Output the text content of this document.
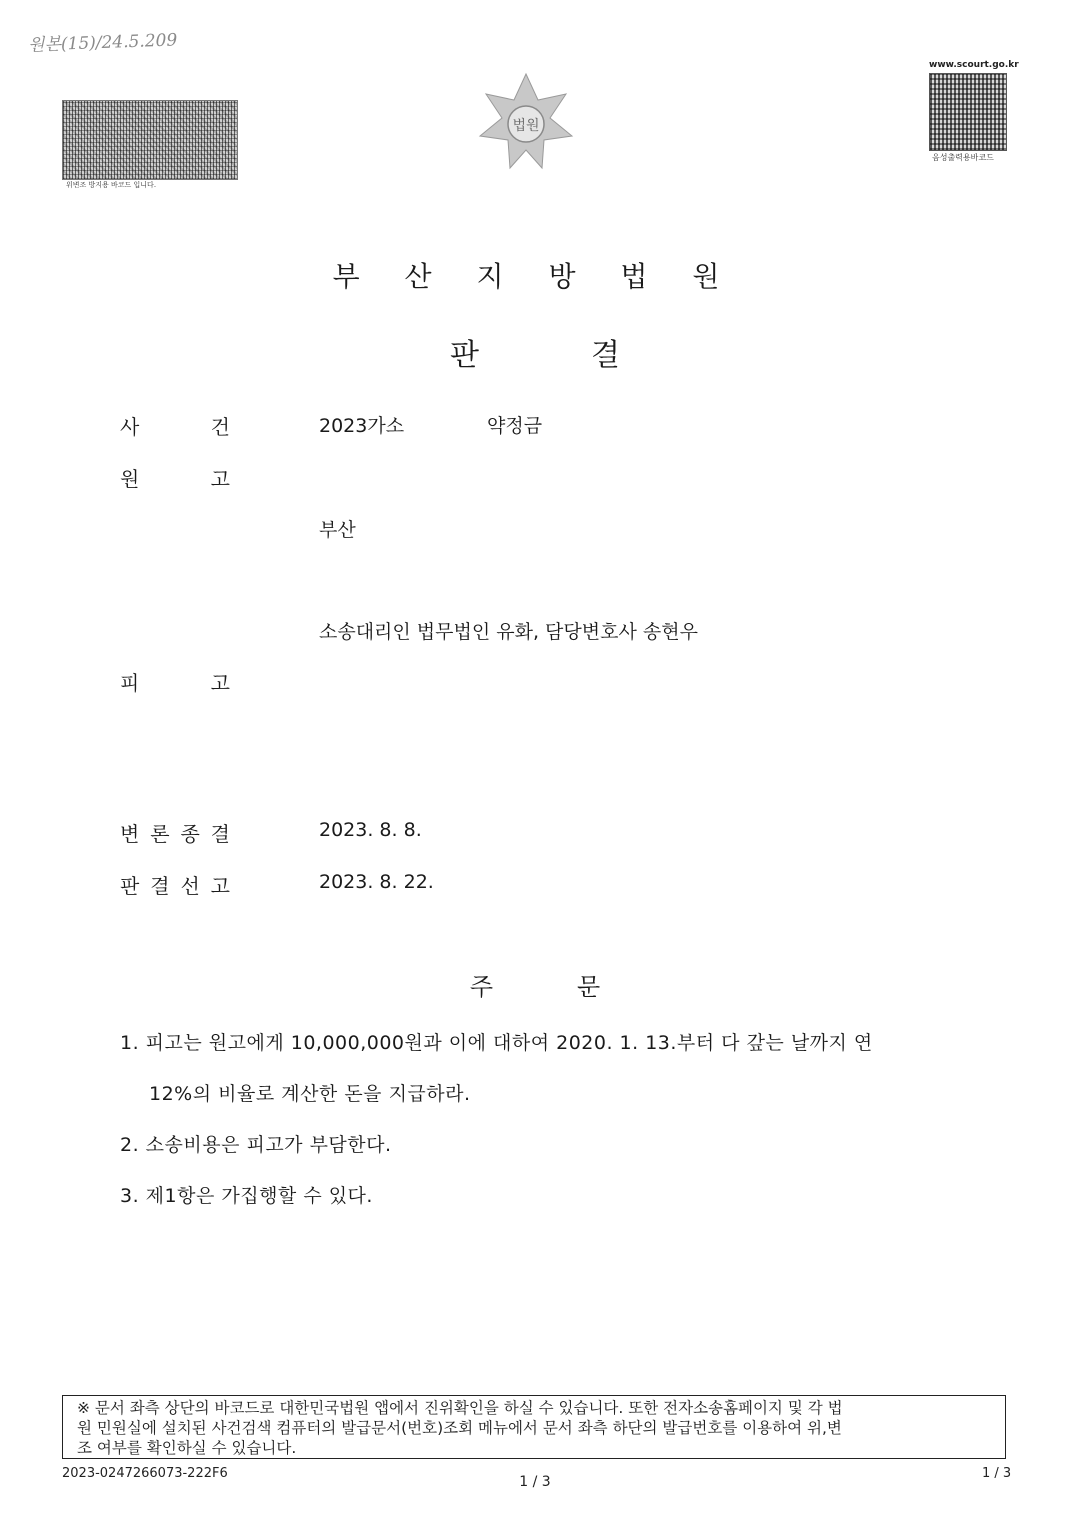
원본(15)/24.5.209
위변조 방지용 바코드 입니다.
법원
www.scourt.go.kr
음성출력용바코드
부 산 지 방 법 원
판	결
사 건	2023가소	약정금
원 고
부산
소송대리인 법무법인 유화, 담당변호사 송현우
피 고
변 론 종 결	2023. 8. 8.
판 결 선 고	2023. 8. 22.
주	문
1. 피고는 원고에게 10,000,000원과 이에 대하여 2020. 1. 13.부터 다 갚는 날까지 연
12%의 비율로 계산한 돈을 지급하라.
2. 소송비용은 피고가 부담한다.
3. 제1항은 가집행할 수 있다.
※ 문서 좌측 상단의 바코드로 대한민국법원 앱에서 진위확인을 하실 수 있습니다. 또한 전자소송홈페이지 및 각 법
원 민원실에 설치된 사건검색 컴퓨터의 발급문서(번호)조회 메뉴에서 문서 좌측 하단의 발급번호를 이용하여 위,변
조 여부를 확인하실 수 있습니다.
2023-0247266073-222F6
1 / 3
1 / 3
